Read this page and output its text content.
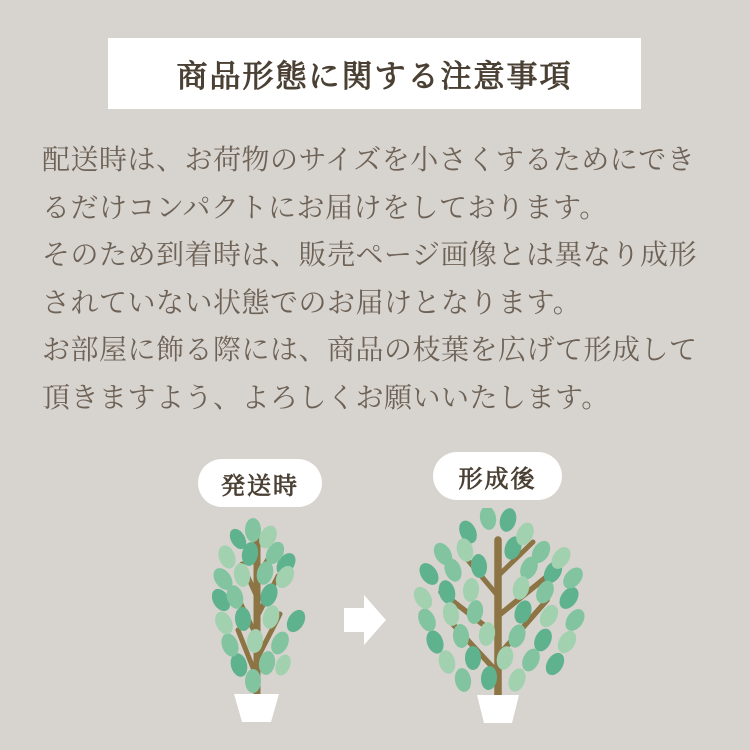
商品形態に関する注意事項
配送時は、お荷物のサイズを小さくするためにでき
るだけコンパクトにお届けをしております。
そのため到着時は、販売ページ画像とは異なり成形
されていない状態でのお届けとなります。
お部屋に飾る際には、商品の枝葉を広げて形成して
頂きますよう、よろしくお願いいたします。
発送時	形成後
